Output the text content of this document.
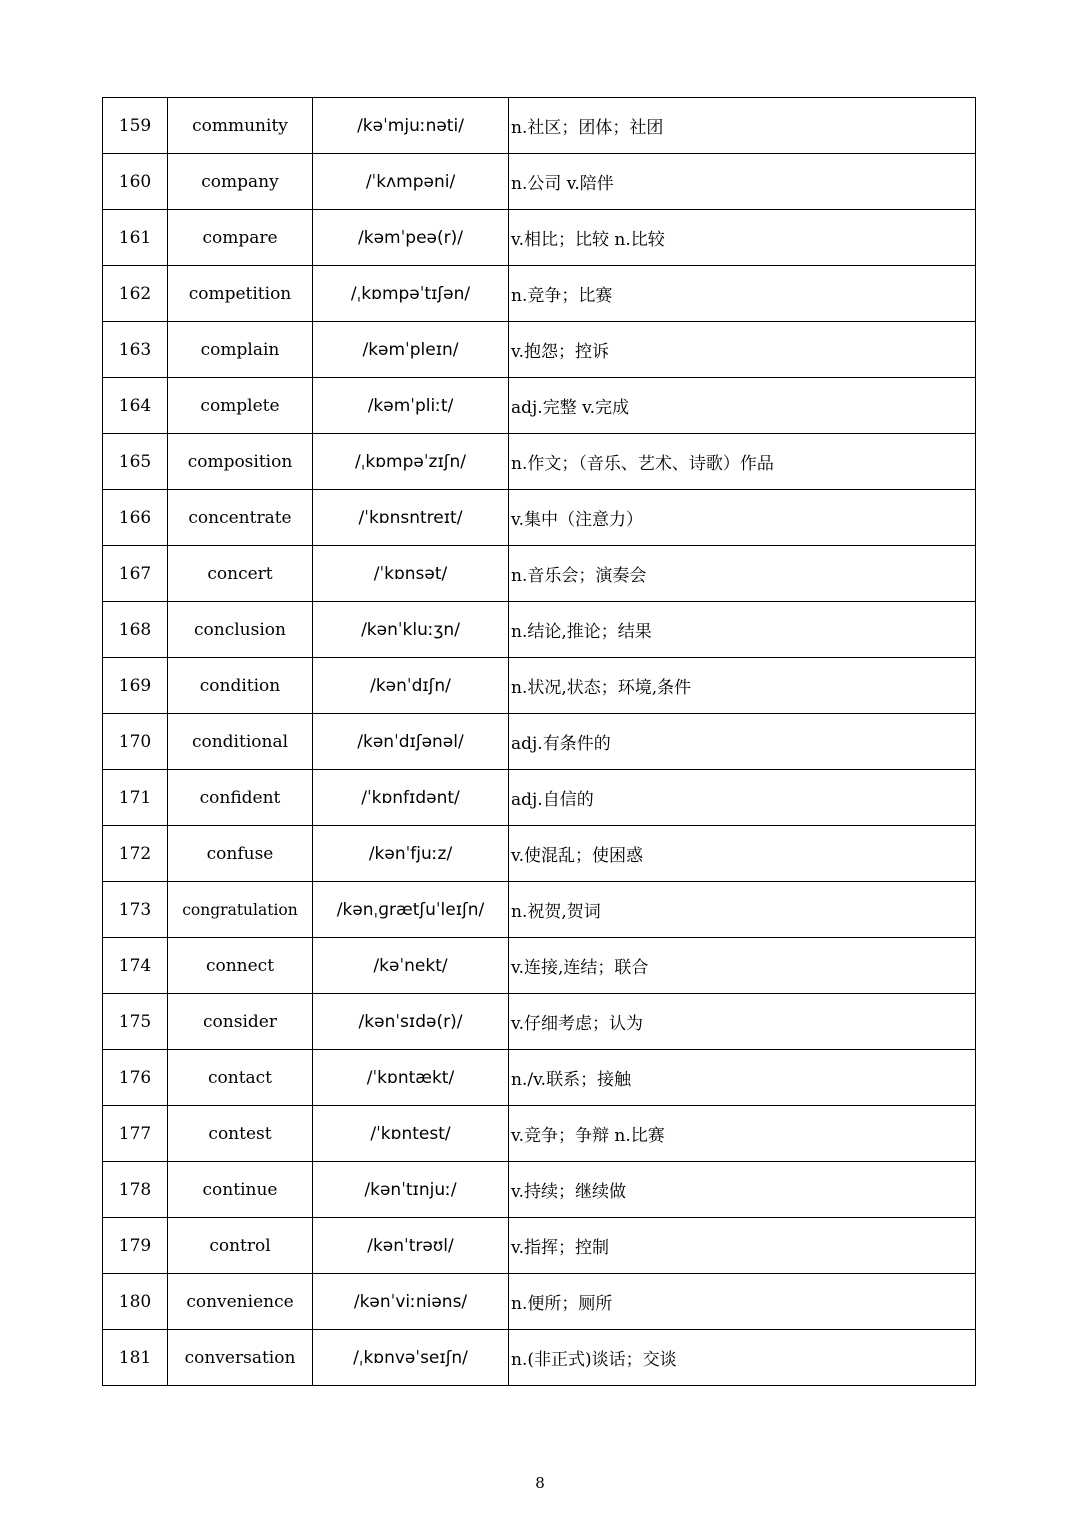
159	community	/kəˈmjuːnəti/	n.社区；团体；社团
160	company	/ˈkʌmpəni/	n.公司 v.陪伴
161	compare	/kəmˈpeə(r)/	v.相比；比较 n.比较
162	competition	/ˌkɒmpəˈtɪʃən/	n.竞争；比赛
163	complain	/kəmˈpleɪn/	v.抱怨；控诉
164	complete	/kəmˈpliːt/	adj.完整 v.完成
165	composition	/ˌkɒmpəˈzɪʃn/	n.作文；（音乐、艺术、诗歌）作品
166	concentrate	/ˈkɒnsntreɪt/	v.集中（注意力）
167	concert	/ˈkɒnsət/	n.音乐会；演奏会
168	conclusion	/kənˈkluːʒn/	n.结论,推论；结果
169	condition	/kənˈdɪʃn/	n.状况,状态；环境,条件
170	conditional	/kənˈdɪʃənəl/	adj.有条件的
171	confident	/ˈkɒnfɪdənt/	adj.自信的
172	confuse	/kənˈfjuːz/	v.使混乱；使困惑
173	congratulation	/kənˌɡrætʃuˈleɪʃn/	n.祝贺,贺词
174	connect	/kəˈnekt/	v.连接,连结；联合
175	consider	/kənˈsɪdə(r)/	v.仔细考虑；认为
176	contact	/ˈkɒntækt/	n./v.联系；接触
177	contest	/ˈkɒntest/	v.竞争；争辩 n.比赛
178	continue	/kənˈtɪnjuː/	v.持续；继续做
179	control	/kənˈtrəʊl/	v.指挥；控制
180	convenience	/kənˈviːniəns/	n.便所；厕所
181	conversation	/ˌkɒnvəˈseɪʃn/	n.(非正式)谈话；交谈
8
